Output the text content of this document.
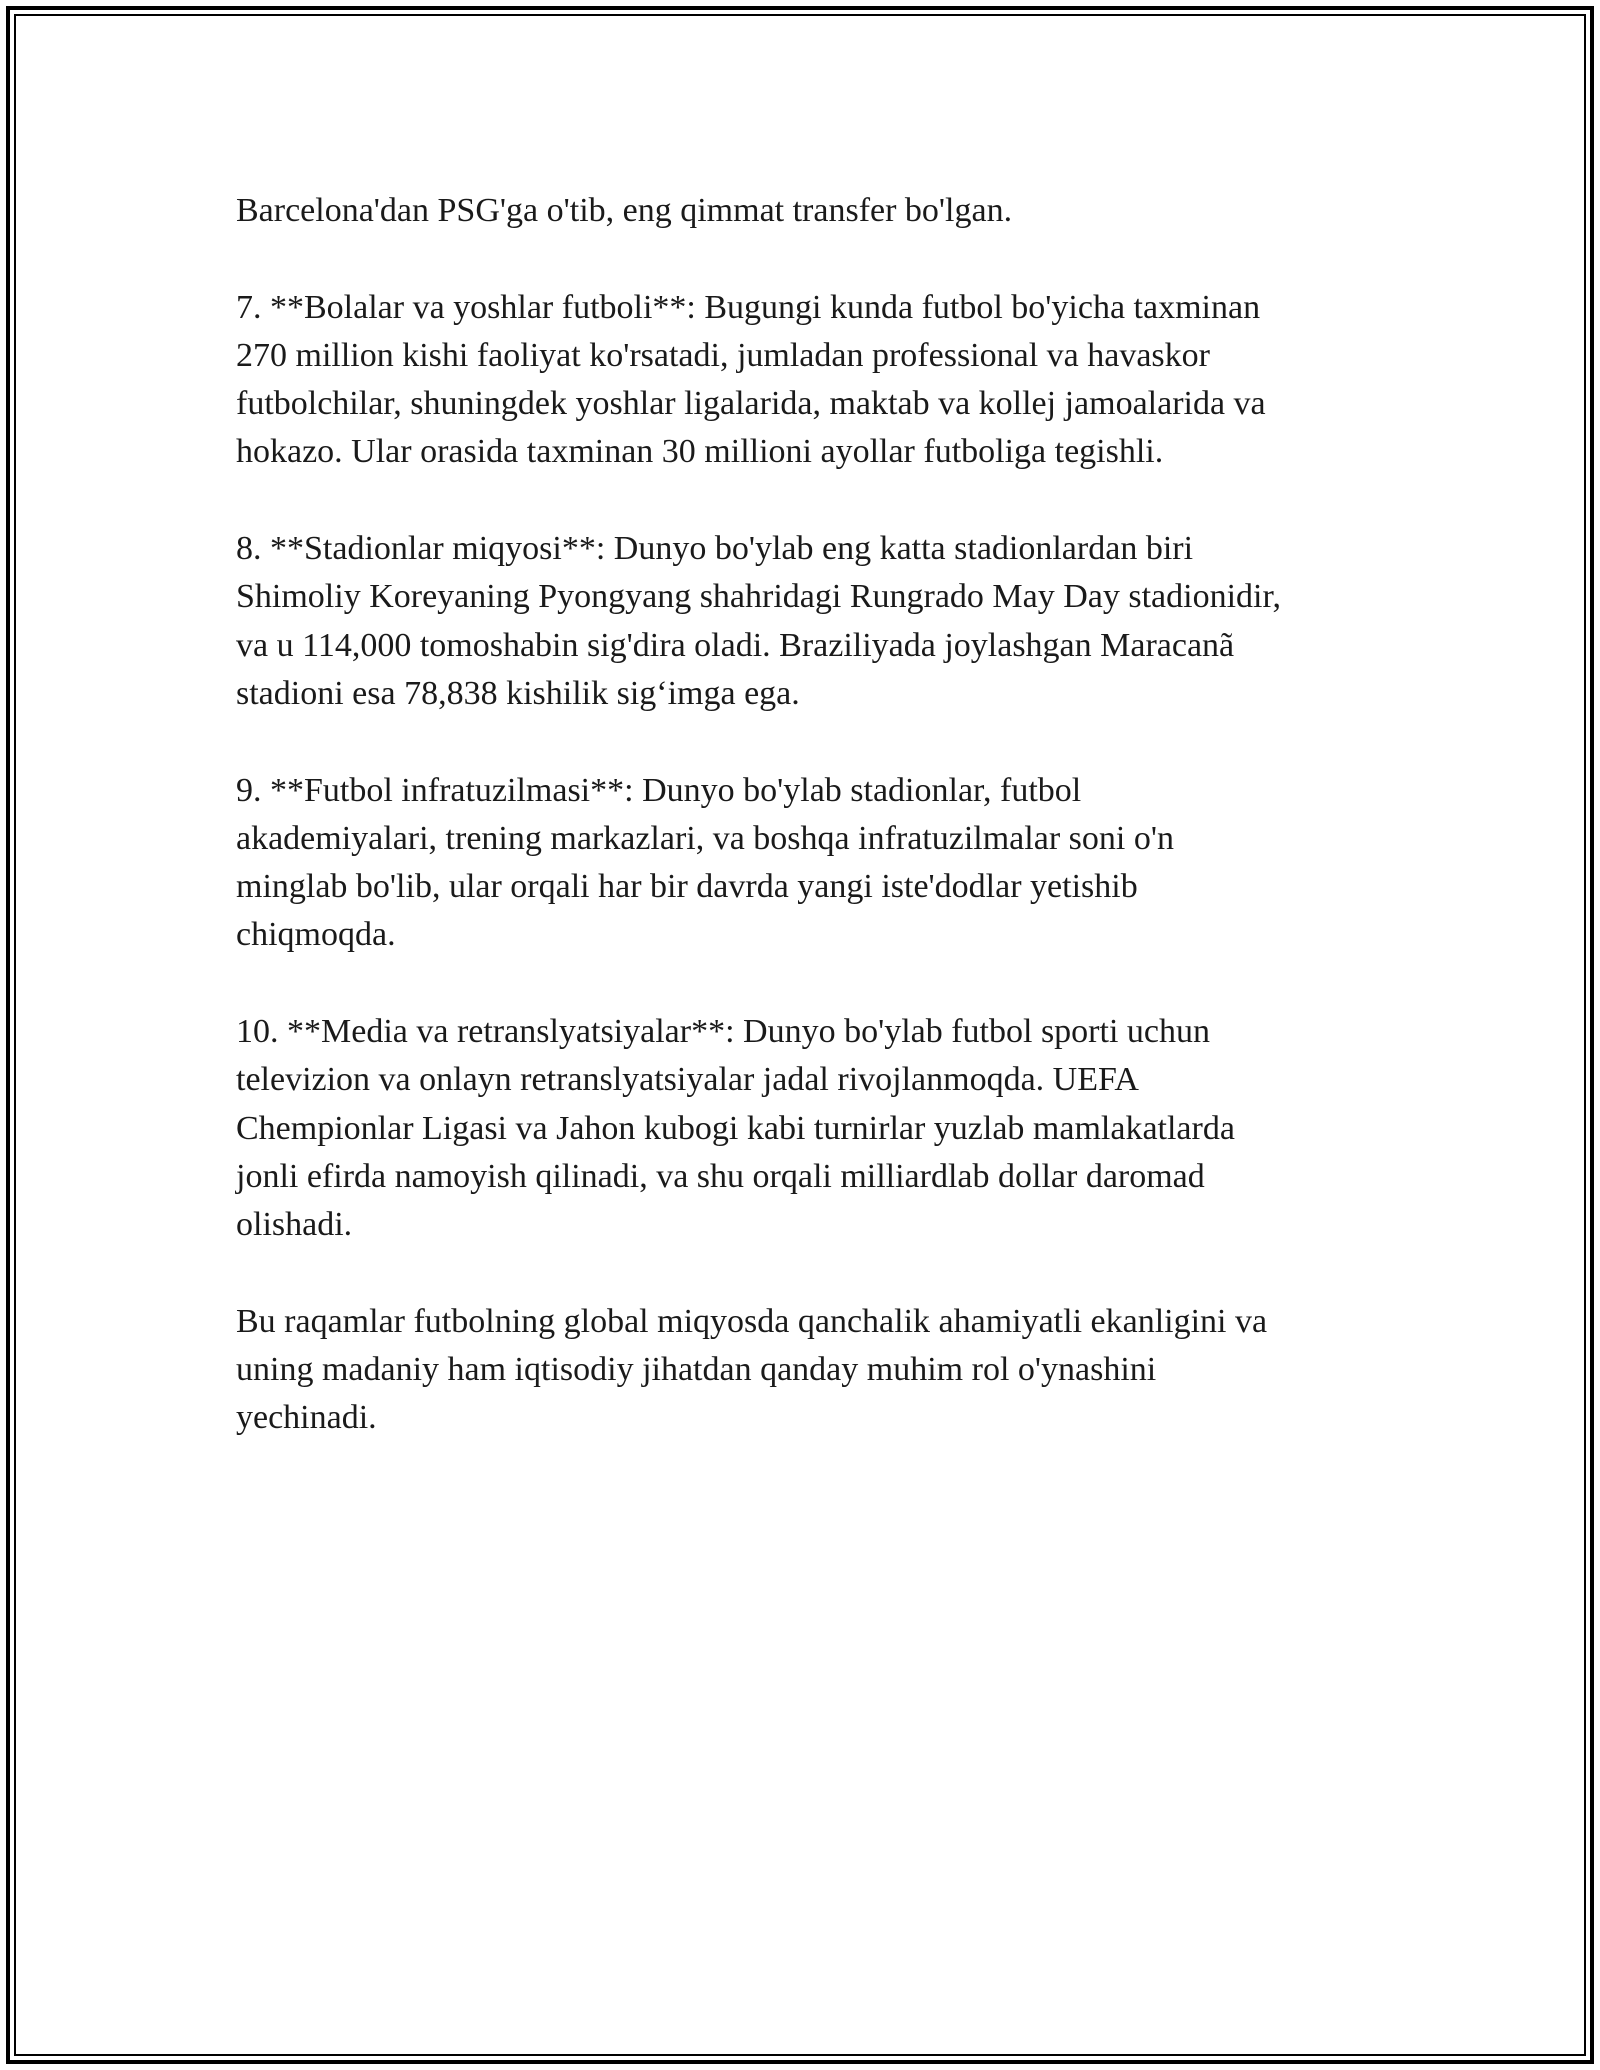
Barcelona'dan PSG'ga o'tib, eng qimmat transfer bo'lgan.

7. **Bolalar va yoshlar futboli**: Bugungi kunda futbol bo'yicha taxminan
270 million kishi faoliyat ko'rsatadi, jumladan professional va havaskor
futbolchilar, shuningdek yoshlar ligalarida, maktab va kollej jamoalarida va
hokazo. Ular orasida taxminan 30 millioni ayollar futboliga tegishli.

8. **Stadionlar miqyosi**: Dunyo bo'ylab eng katta stadionlardan biri
Shimoliy Koreyaning Pyongyang shahridagi Rungrado May Day stadionidir,
va u 114,000 tomoshabin sig'dira oladi. Braziliyada joylashgan Maracanã
stadioni esa 78,838 kishilik sig‘imga ega.

9. **Futbol infratuzilmasi**: Dunyo bo'ylab stadionlar, futbol
akademiyalari, trening markazlari, va boshqa infratuzilmalar soni o'n
minglab bo'lib, ular orqali har bir davrda yangi iste'dodlar yetishib
chiqmoqda.

10. **Media va retranslyatsiyalar**: Dunyo bo'ylab futbol sporti uchun
televizion va onlayn retranslyatsiyalar jadal rivojlanmoqda. UEFA
Chempionlar Ligasi va Jahon kubogi kabi turnirlar yuzlab mamlakatlarda
jonli efirda namoyish qilinadi, va shu orqali milliardlab dollar daromad
olishadi.

Bu raqamlar futbolning global miqyosda qanchalik ahamiyatli ekanligini va
uning madaniy ham iqtisodiy jihatdan qanday muhim rol o'ynashini
yechinadi.
